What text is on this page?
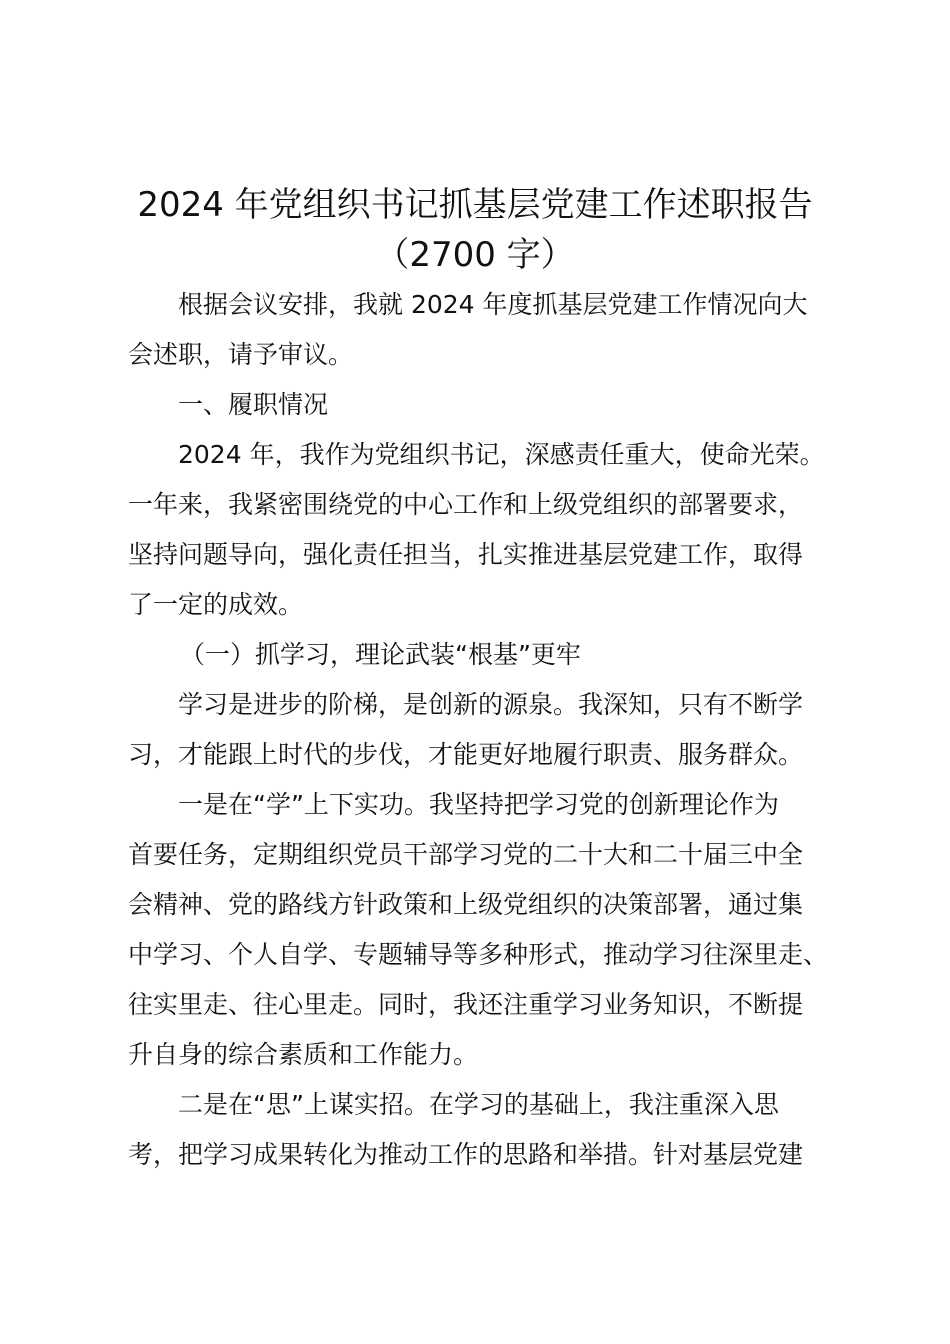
2024 年党组织书记抓基层党建工作述职报告
（2700 字）

根据会议安排，我就 2024 年度抓基层党建工作情况向大

会述职，请予审议。

一、履职情况

2024 年，我作为党组织书记，深感责任重大，使命光荣。

一年来，我紧密围绕党的中心工作和上级党组织的部署要求，

坚持问题导向，强化责任担当，扎实推进基层党建工作，取得

了一定的成效。

（一）抓学习，理论武装“根基”更牢

学习是进步的阶梯，是创新的源泉。我深知，只有不断学

习，才能跟上时代的步伐，才能更好地履行职责、服务群众。

一是在“学”上下实功。我坚持把学习党的创新理论作为

首要任务，定期组织党员干部学习党的二十大和二十届三中全

会精神、党的路线方针政策和上级党组织的决策部署，通过集

中学习、个人自学、专题辅导等多种形式，推动学习往深里走、

往实里走、往心里走。同时，我还注重学习业务知识，不断提

升自身的综合素质和工作能力。

二是在“思”上谋实招。在学习的基础上，我注重深入思

考，把学习成果转化为推动工作的思路和举措。针对基层党建
